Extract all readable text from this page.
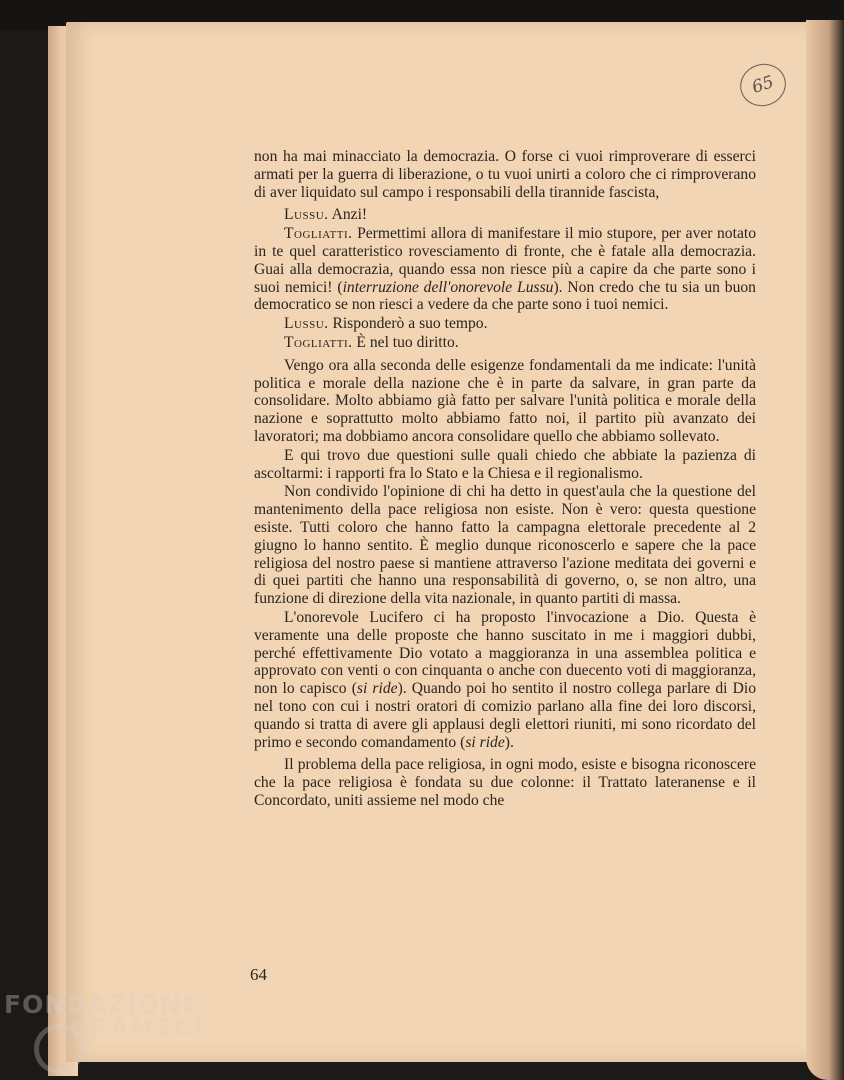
65

non ha mai minacciato la democrazia. O forse ci vuoi rimproverare di esserci armati per la guerra di liberazione, o tu vuoi unirti a coloro che ci rimproverano di aver liquidato sul campo i responsabili della tirannide fascista,

Lussu. Anzi!

Togliatti. Permettimi allora di manifestare il mio stupore, per aver notato in te quel caratteristico rovesciamento di fronte, che è fatale alla democrazia. Guai alla democrazia, quando essa non riesce più a capire da che parte sono i suoi nemici! (interruzione dell'onorevole Lussu). Non credo che tu sia un buon democratico se non riesci a vedere da che parte sono i tuoi nemici.

Lussu. Risponderò a suo tempo.

Togliatti. È nel tuo diritto.

Vengo ora alla seconda delle esigenze fondamentali da me indicate: l'unità politica e morale della nazione che è in parte da salvare, in gran parte da consolidare. Molto abbiamo già fatto per salvare l'unità politica e morale della nazione e soprattutto molto abbiamo fatto noi, il partito più avanzato dei lavoratori; ma dobbiamo ancora consolidare quello che abbiamo sollevato.

E qui trovo due questioni sulle quali chiedo che abbiate la pazienza di ascoltarmi: i rapporti fra lo Stato e la Chiesa e il regionalismo.

Non condivido l'opinione di chi ha detto in quest'aula che la questione del mantenimento della pace religiosa non esiste. Non è vero: questa questione esiste. Tutti coloro che hanno fatto la campagna elettorale precedente al 2 giugno lo hanno sentito. È meglio dunque riconoscerlo e sapere che la pace religiosa del nostro paese si mantiene attraverso l'azione meditata dei governi e di quei partiti che hanno una responsabilità di governo, o, se non altro, una funzione di direzione della vita nazionale, in quanto partiti di massa.

L'onorevole Lucifero ci ha proposto l'invocazione a Dio. Questa è veramente una delle proposte che hanno suscitato in me i maggiori dubbi, perché effettivamente Dio votato a maggioranza in una assemblea politica e approvato con venti o con cinquanta o anche con duecento voti di maggioranza, non lo capisco (si ride). Quando poi ho sentito il nostro collega parlare di Dio nel tono con cui i nostri oratori di comizio parlano alla fine dei loro discorsi, quando si tratta di avere gli applausi degli elettori riuniti, mi sono ricordato del primo e secondo comandamento (si ride).

Il problema della pace religiosa, in ogni modo, esiste e bisogna riconoscere che la pace religiosa è fondata su due colonne: il Trattato lateranense e il Concordato, uniti assieme nel modo che

64
FONDAZIONE
GRAMSCI
